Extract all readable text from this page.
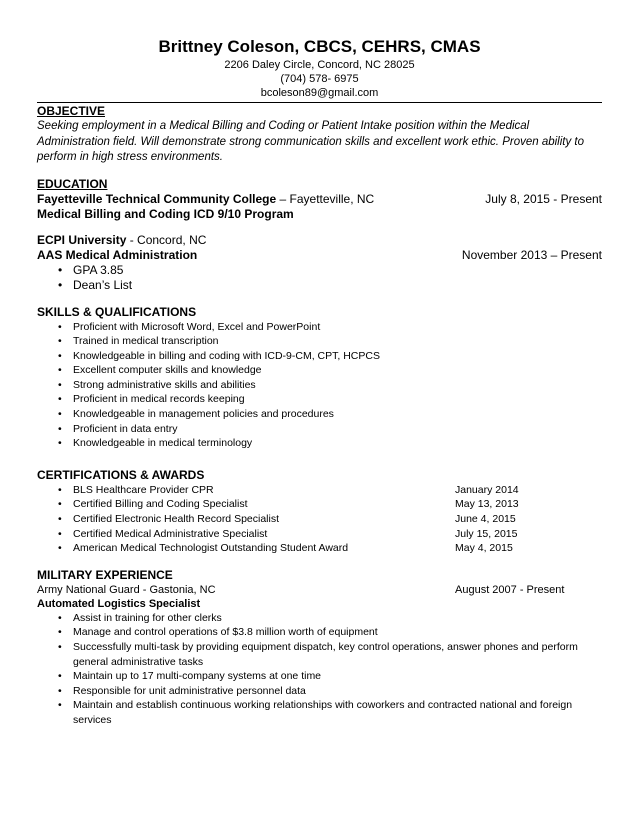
Brittney Coleson, CBCS, CEHRS, CMAS
2206 Daley Circle, Concord, NC 28025
(704) 578- 6975
bcoleson89@gmail.com
OBJECTIVE
Seeking employment in a Medical Billing and Coding or Patient Intake position within the Medical Administration field. Will demonstrate strong communication skills and excellent work ethic. Proven ability to perform in high stress environments.
EDUCATION
Fayetteville Technical Community College – Fayetteville, NC	July 8, 2015 - Present
Medical Billing and Coding ICD 9/10 Program
ECPI University - Concord, NC
AAS Medical Administration	November 2013 – Present
• GPA 3.85
• Dean’s List
SKILLS & QUALIFICATIONS
• Proficient with Microsoft Word, Excel and PowerPoint
• Trained in medical transcription
• Knowledgeable in billing and coding with ICD-9-CM, CPT, HCPCS
• Excellent computer skills and knowledge
• Strong administrative skills and abilities
• Proficient in medical records keeping
• Knowledgeable in management policies and procedures
• Proficient in data entry
• Knowledgeable in medical terminology
CERTIFICATIONS & AWARDS
• BLS Healthcare Provider CPR	January 2014
• Certified Billing and Coding Specialist	May 13, 2013
• Certified Electronic Health Record Specialist	June 4, 2015
• Certified Medical Administrative Specialist	July 15, 2015
• American Medical Technologist Outstanding Student Award	May 4, 2015
MILITARY EXPERIENCE
Army National Guard - Gastonia, NC	August 2007 - Present
Automated Logistics Specialist
• Assist in training for other clerks
• Manage and control operations of $3.8 million worth of equipment
• Successfully multi-task by providing equipment dispatch, key control operations, answer phones and perform general administrative tasks
• Maintain up to 17 multi-company systems at one time
• Responsible for unit administrative personnel data
• Maintain and establish continuous working relationships with coworkers and contracted national and foreign services
